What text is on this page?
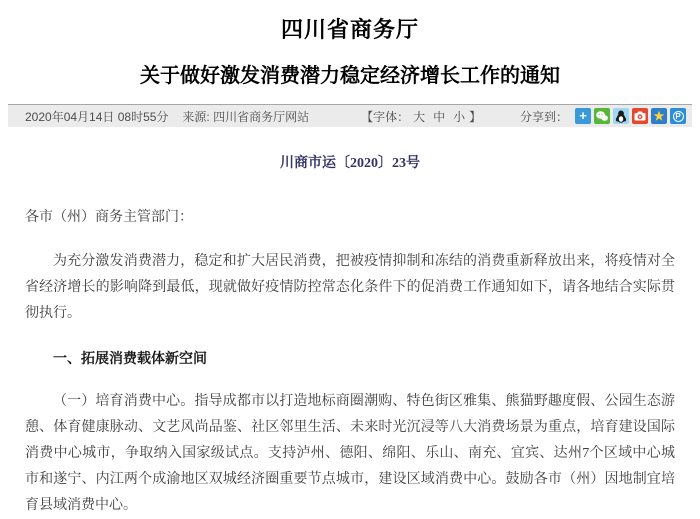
四川省商务厅
关于做好激发消费潜力稳定经济增长工作的通知
2020年04月14日 08时55分 来源: 四川省商务厅网站	【字体： 大 中 小 】	分享到： +	★	P

川商市运〔2020〕23号

各市（州）商务主管部门：

为充分激发消费潜力，稳定和扩大居民消费，把被疫情抑制和冻结的消费重新释放出来，将疫情对全省经济增长的影响降到最低，现就做好疫情防控常态化条件下的促消费工作通知如下，请各地结合实际贯彻执行。

一、拓展消费载体新空间

（一）培育消费中心。指导成都市以打造地标商圈潮购、特色街区雅集、熊猫野趣度假、公园生态游憩、体育健康脉动、文艺风尚品鉴、社区邻里生活、未来时光沉浸等八大消费场景为重点，培育建设国际消费中心城市，争取纳入国家级试点。支持泸州、德阳、绵阳、乐山、南充、宜宾、达州7个区域中心城市和遂宁、内江两个成渝地区双城经济圈重要节点城市，建设区域消费中心。鼓励各市（州）因地制宜培育县域消费中心。
